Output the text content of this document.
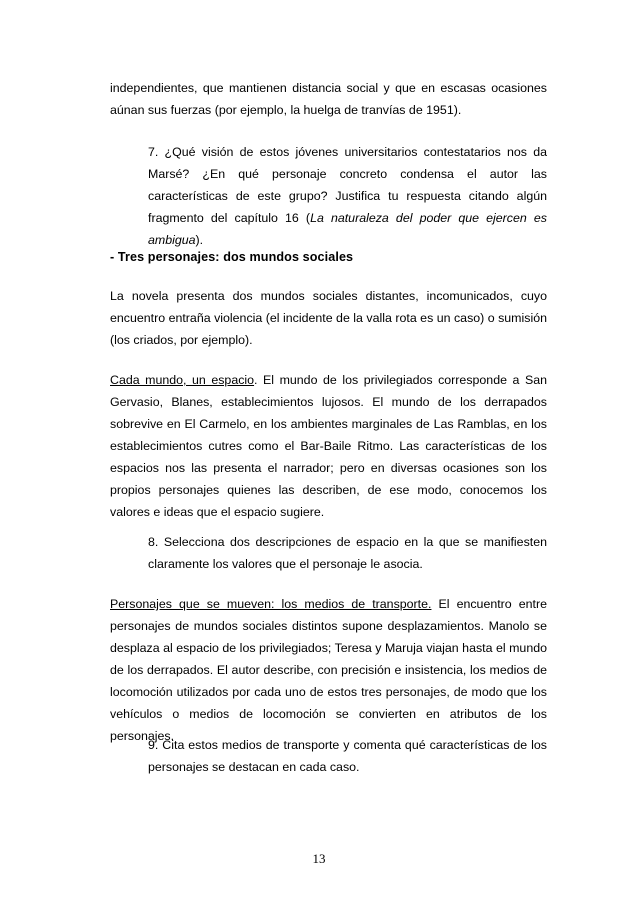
independientes, que mantienen distancia social y que en escasas ocasiones aúnan sus fuerzas (por ejemplo, la huelga de tranvías de 1951).

7. ¿Qué visión de estos jóvenes universitarios contestatarios nos da Marsé? ¿En qué personaje concreto condensa el autor las características de este grupo? Justifica tu respuesta citando algún fragmento del capítulo 16 (La naturaleza del poder que ejercen es ambigua).

- Tres personajes: dos mundos sociales

La novela presenta dos mundos sociales distantes, incomunicados, cuyo encuentro entraña violencia (el incidente de la valla rota es un caso) o sumisión (los criados, por ejemplo).

Cada mundo, un espacio. El mundo de los privilegiados corresponde a San Gervasio, Blanes, establecimientos lujosos. El mundo de los derrapados sobrevive en El Carmelo, en los ambientes marginales de Las Ramblas, en los establecimientos cutres como el Bar-Baile Ritmo. Las características de los espacios nos las presenta el narrador; pero en diversas ocasiones son los propios personajes quienes las describen, de ese modo, conocemos los valores e ideas que el espacio sugiere.

8. Selecciona dos descripciones de espacio en la que se manifiesten claramente los valores que el personaje le asocia.

Personajes que se mueven: los medios de transporte. El encuentro entre personajes de mundos sociales distintos supone desplazamientos. Manolo se desplaza al espacio de los privilegiados; Teresa y Maruja viajan hasta el mundo de los derrapados. El autor describe, con precisión e insistencia, los medios de locomoción utilizados por cada uno de estos tres personajes, de modo que los vehículos o medios de locomoción se convierten en atributos de los personajes.

9. Cita estos medios de transporte y comenta qué características de los personajes se destacan en cada caso.

13
